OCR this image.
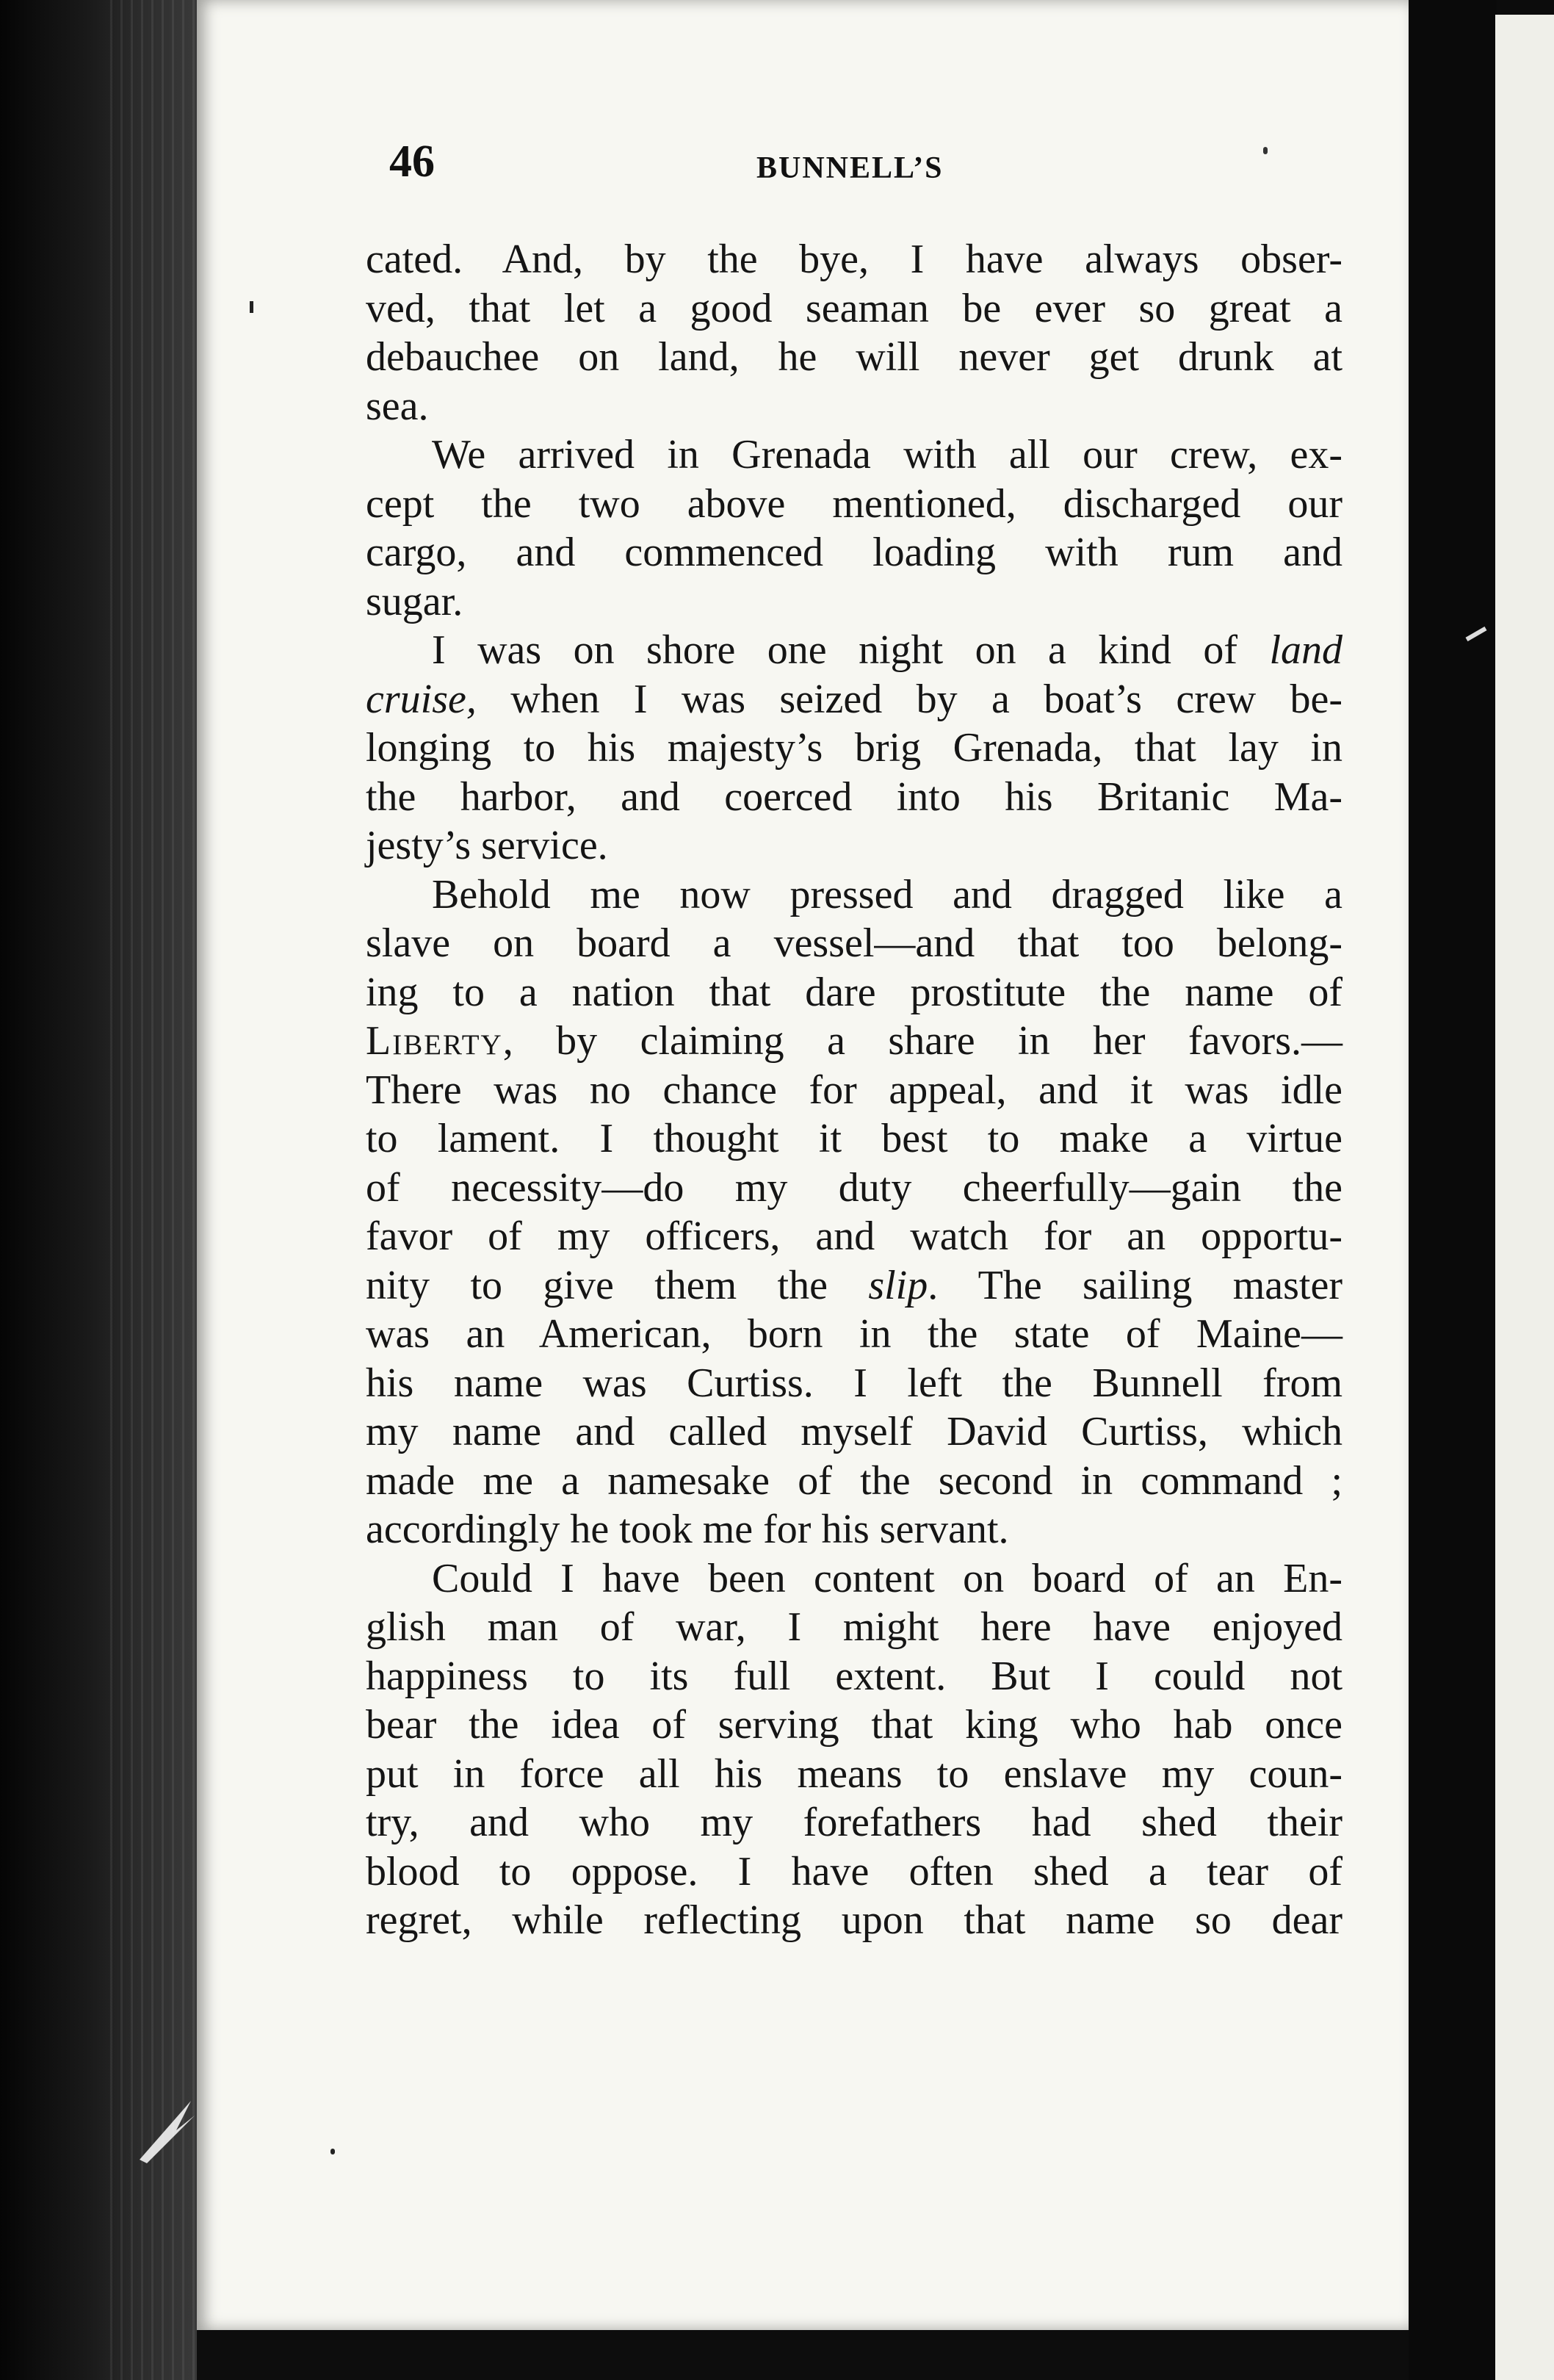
46	BUNNELL’S
cated. And, by the bye, I have always obser-
ved, that let a good seaman be ever so great a
debauchee on land, he will never get drunk at
sea.
We arrived in Grenada with all our crew, ex-
cept the two above mentioned, discharged our
cargo, and commenced loading with rum and
sugar.
I was on shore one night on a kind of land
cruise, when I was seized by a boat’s crew be-
longing to his majesty’s brig Grenada, that lay in
the harbor, and coerced into his Britanic Ma-
jesty’s service.
Behold me now pressed and dragged like a
slave on board a vessel—and that too belong-
ing to a nation that dare prostitute the name of
Liberty, by claiming a share in her favors.—
There was no chance for appeal, and it was idle
to lament. I thought it best to make a virtue
of necessity—do my duty cheerfully—gain the
favor of my officers, and watch for an opportu-
nity to give them the slip. The sailing master
was an American, born in the state of Maine—
his name was Curtiss. I left the Bunnell from
my name and called myself David Curtiss, which
made me a namesake of the second in command ;
accordingly he took me for his servant.
Could I have been content on board of an En-
glish man of war, I might here have enjoyed
happiness to its full extent. But I could not
bear the idea of serving that king who hab once
put in force all his means to enslave my coun-
try, and who my forefathers had shed their
blood to oppose. I have often shed a tear of
regret, while reflecting upon that name so dear
